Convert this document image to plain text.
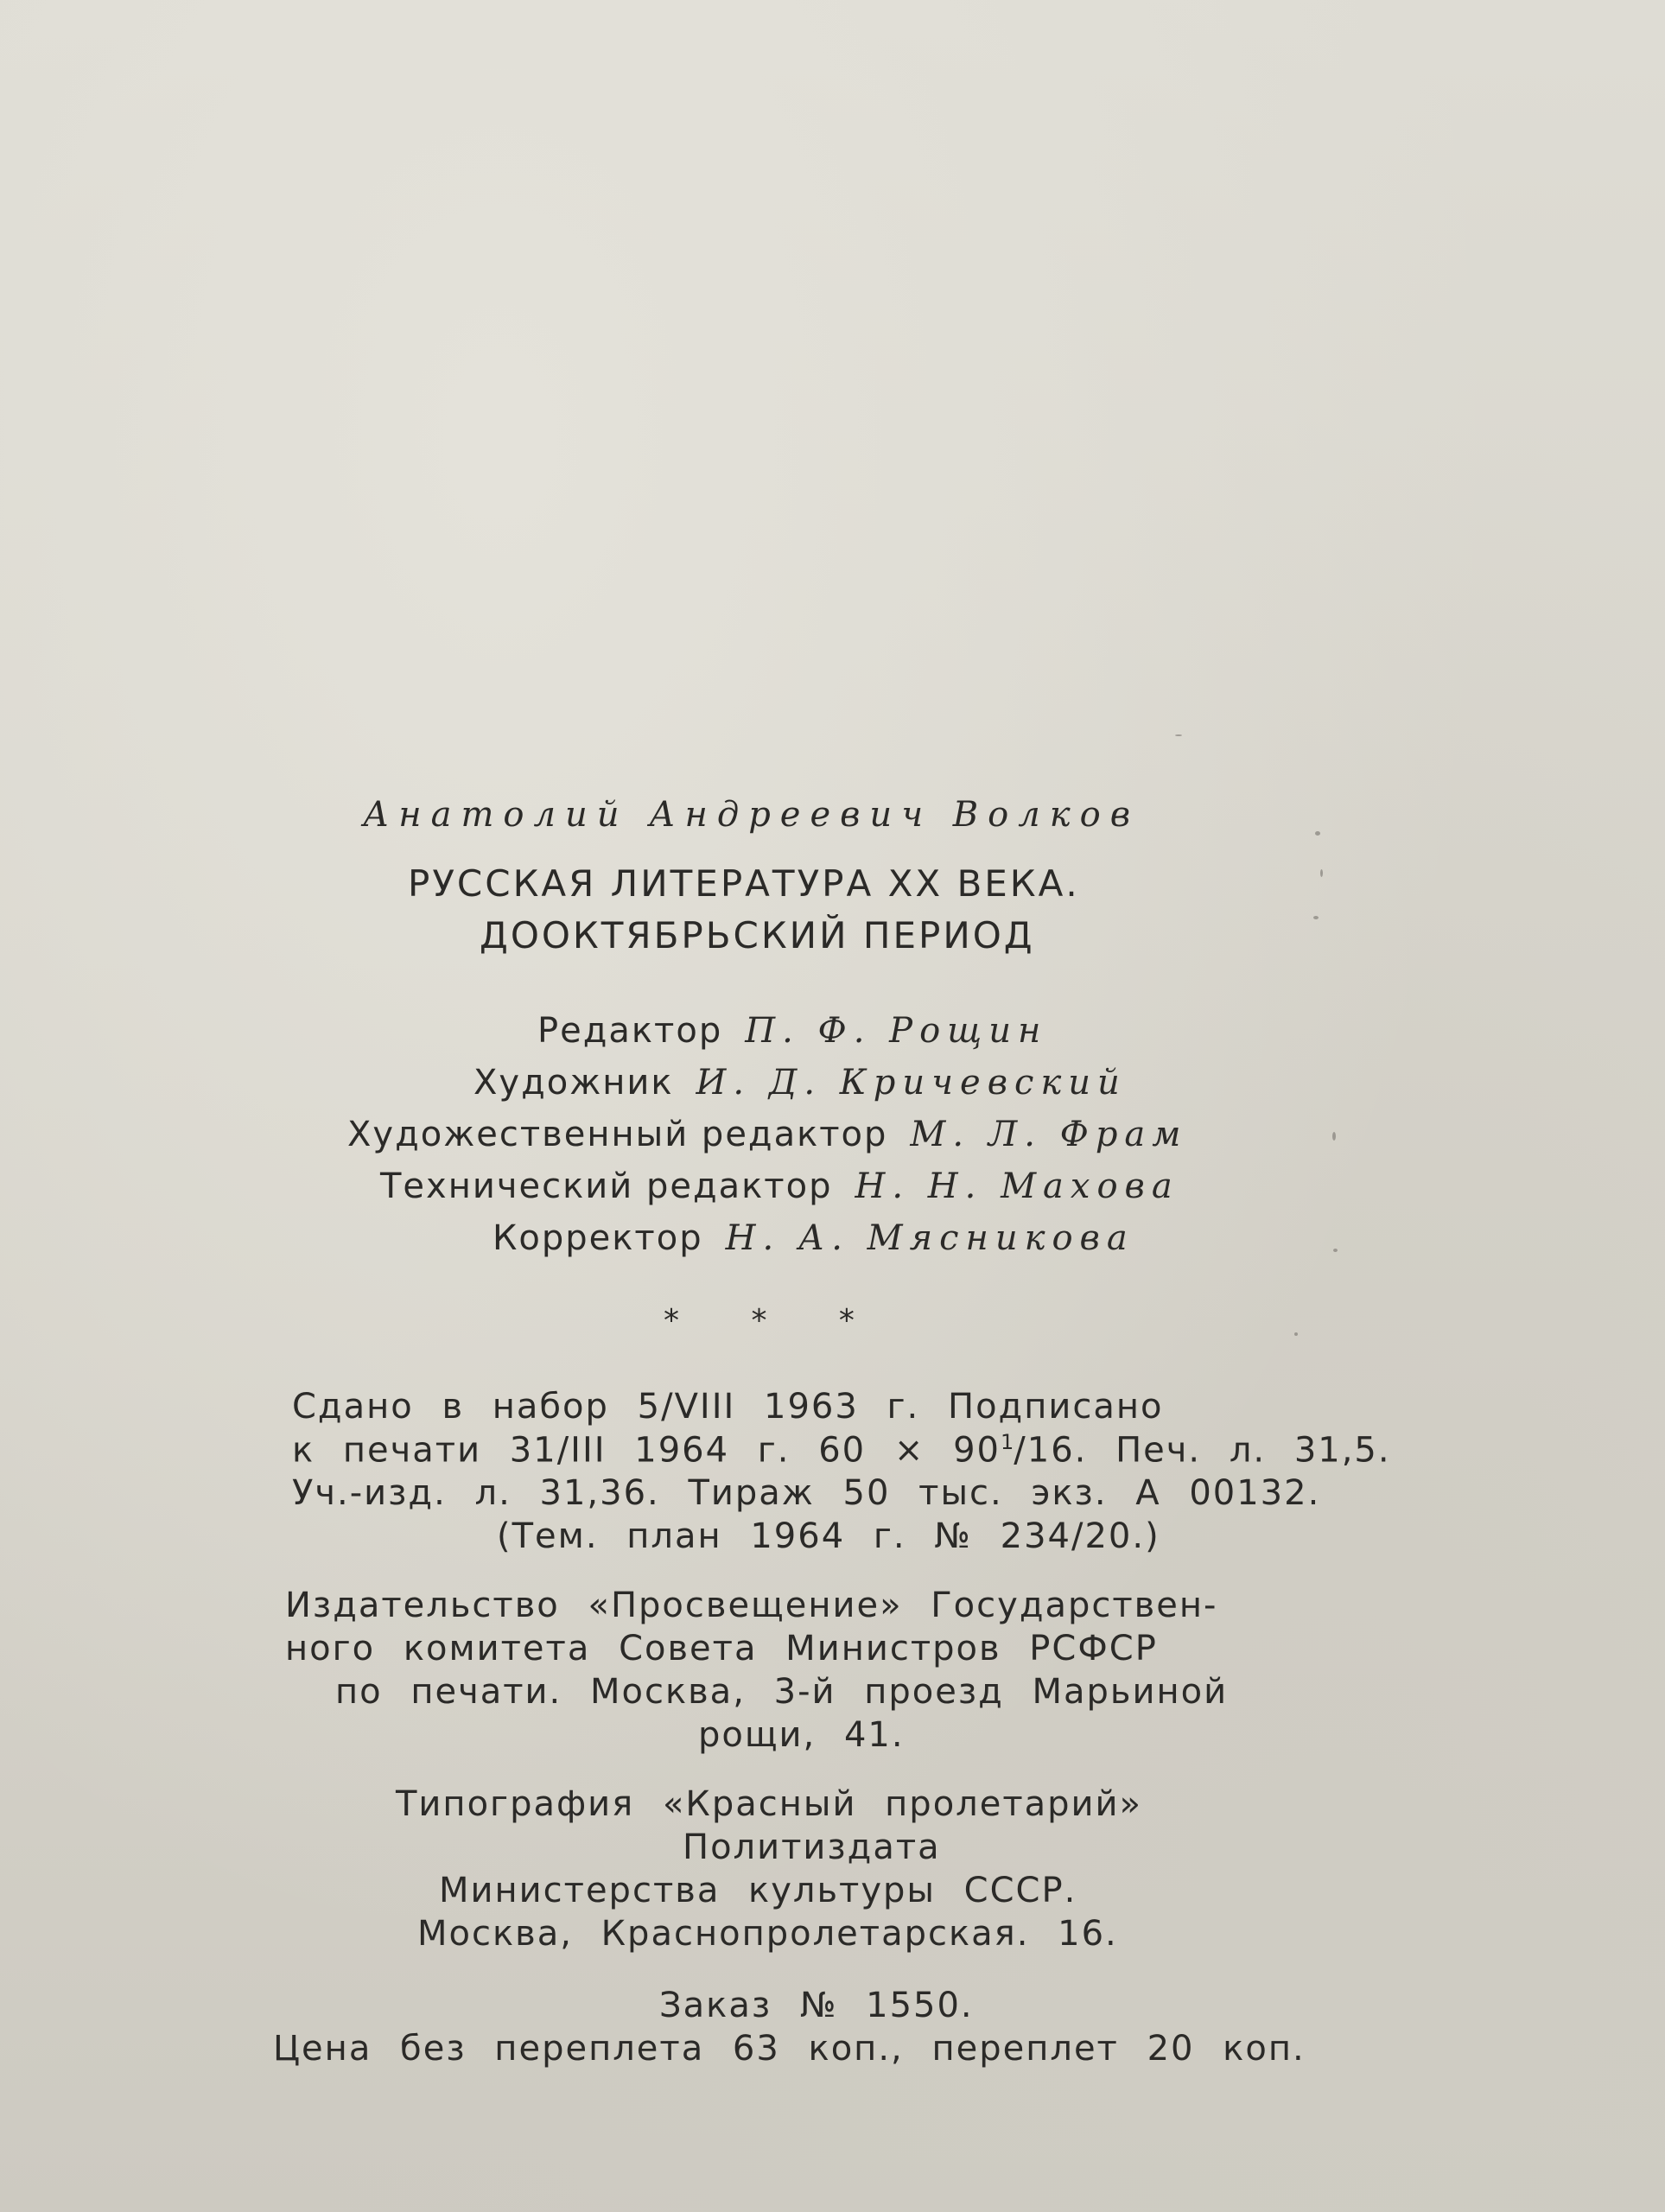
Анатолий Андреевич Волков
РУССКАЯ ЛИТЕРАТУРА XX ВЕКА.
ДООКТЯБРЬСКИЙ ПЕРИОД
Редактор П. Ф. Рощин
Художник И. Д. Кричевский
Художественный редактор М. Л. Фрам
Технический редактор Н. Н. Махова
Корректор Н. А. Мясникова
* * *
Сдано в набор 5/VIII 1963 г. Подписано
к печати 31/III 1964 г. $60 \times 90^1/16$. Печ. л. 31,5.
Уч.-изд. л. 31,36. Тираж 50 тыс. экз. А 00132.
(Тем. план 1964 г. № 234/20.)
Издательство «Просвещение» Государствен-
ного комитета Совета Министров РСФСР
по печати. Москва, 3-й проезд Марьиной
рощи, 41.
Типография «Красный пролетарий»
Политиздата
Министерства культуры СССР.
Москва, Краснопролетарская. 16.
Заказ № 1550.
Цена без переплета 63 коп., переплет 20 коп.
